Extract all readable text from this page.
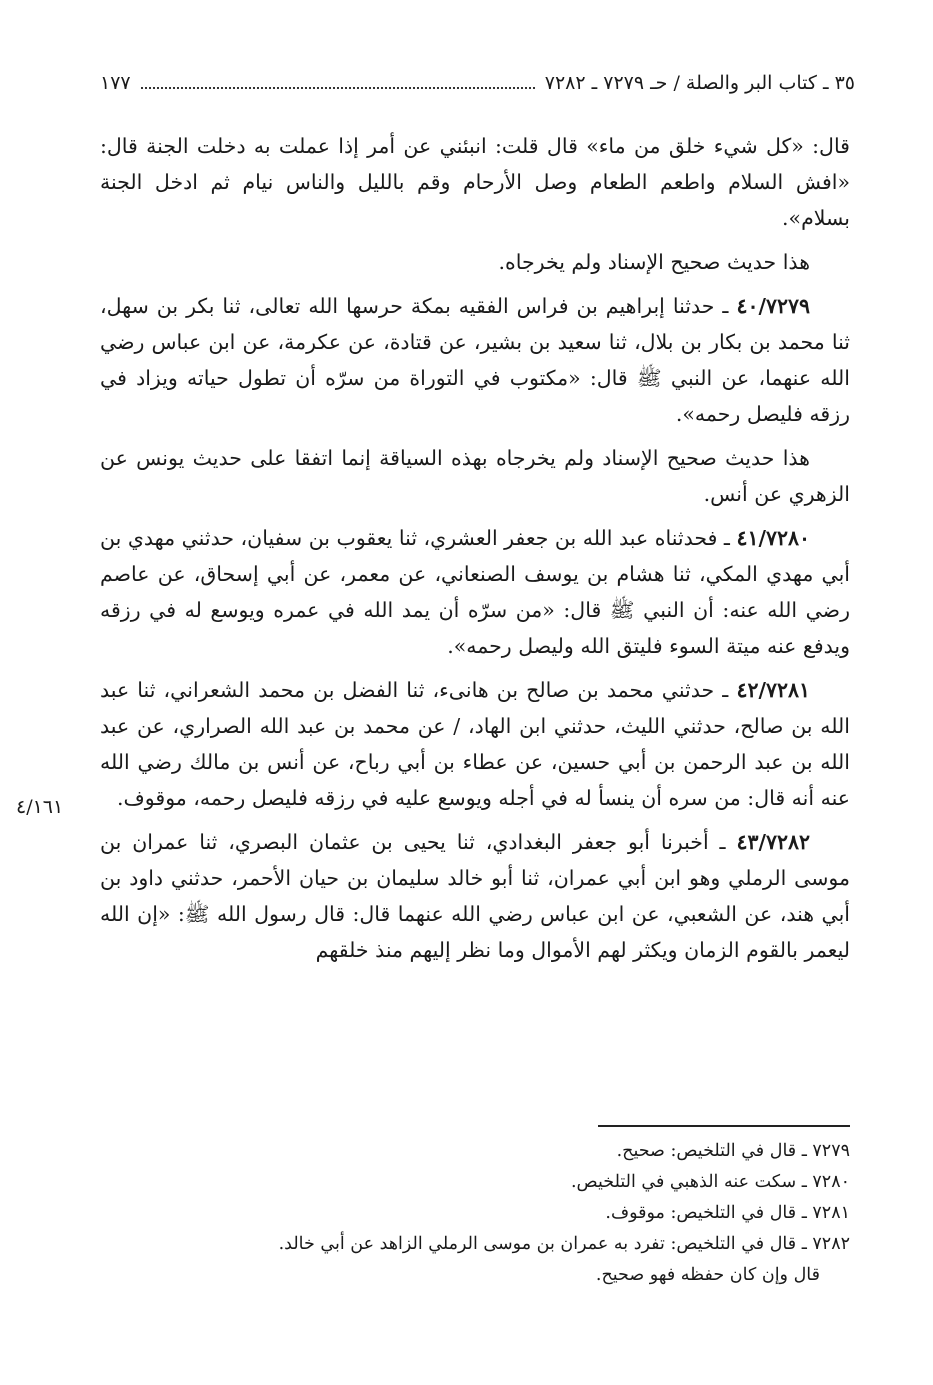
٣٥ ـ كتاب البر والصلة / حـ ٧٢٧٩ ـ ٧٢٨٢
١٧٧

قال: «كل شيء خلق من ماء» قال قلت: انبئني عن أمر إذا عملت به دخلت الجنة قال: «افش السلام واطعم الطعام وصل الأرحام وقم بالليل والناس نيام ثم ادخل الجنة بسلام».

هذا حديث صحيح الإسناد ولم يخرجاه.

٤٠/٧٢٧٩ ـ حدثنا إبراهيم بن فراس الفقيه بمكة حرسها الله تعالى، ثنا بكر بن سهل، ثنا محمد بن بكار بن بلال، ثنا سعيد بن بشير، عن قتادة، عن عكرمة، عن ابن عباس رضي الله عنهما، عن النبي ﷺ قال: «مكتوب في التوراة من سرّه أن تطول حياته ويزاد في رزقه فليصل رحمه».

هذا حديث صحيح الإسناد ولم يخرجاه بهذه السياقة إنما اتفقا على حديث يونس عن الزهري عن أنس.

٤١/٧٢٨٠ ـ فحدثناه عبد الله بن جعفر العشري، ثنا يعقوب بن سفيان، حدثني مهدي بن أبي مهدي المكي، ثنا هشام بن يوسف الصنعاني، عن معمر، عن أبي إسحاق، عن عاصم رضي الله عنه: أن النبي ﷺ قال: «من سرّه أن يمد الله في عمره ويوسع له في رزقه ويدفع عنه ميتة السوء فليتق الله وليصل رحمه».

٤٢/٧٢٨١ ـ حدثني محمد بن صالح بن هانىء، ثنا الفضل بن محمد الشعراني، ثنا عبد الله بن صالح، حدثني الليث، حدثني ابن الهاد، / عن محمد بن عبد الله الصراري، عن عبد الله بن عبد الرحمن بن أبي حسين، عن عطاء بن أبي رباح، عن أنس بن مالك رضي الله عنه أنه قال: من سره أن ينسأ له في أجله ويوسع عليه في رزقه فليصل رحمه، موقوف.

٤٣/٧٢٨٢ ـ أخبرنا أبو جعفر البغدادي، ثنا يحيى بن عثمان البصري، ثنا عمران بن موسى الرملي وهو ابن أبي عمران، ثنا أبو خالد سليمان بن حيان الأحمر، حدثني داود بن أبي هند، عن الشعبي، عن ابن عباس رضي الله عنهما قال: قال رسول الله ﷺ: «إن الله ليعمر بالقوم الزمان ويكثر لهم الأموال وما نظر إليهم منذ خلقهم

٤/١٦١
٧٢٧٩ ـ قال في التلخيص: صحيح.
٧٢٨٠ ـ سكت عنه الذهبي في التلخيص.
٧٢٨١ ـ قال في التلخيص: موقوف.
٧٢٨٢ ـ قال في التلخيص: تفرد به عمران بن موسى الرملي الزاهد عن أبي خالد.
قال وإن كان حفظه فهو صحيح.
